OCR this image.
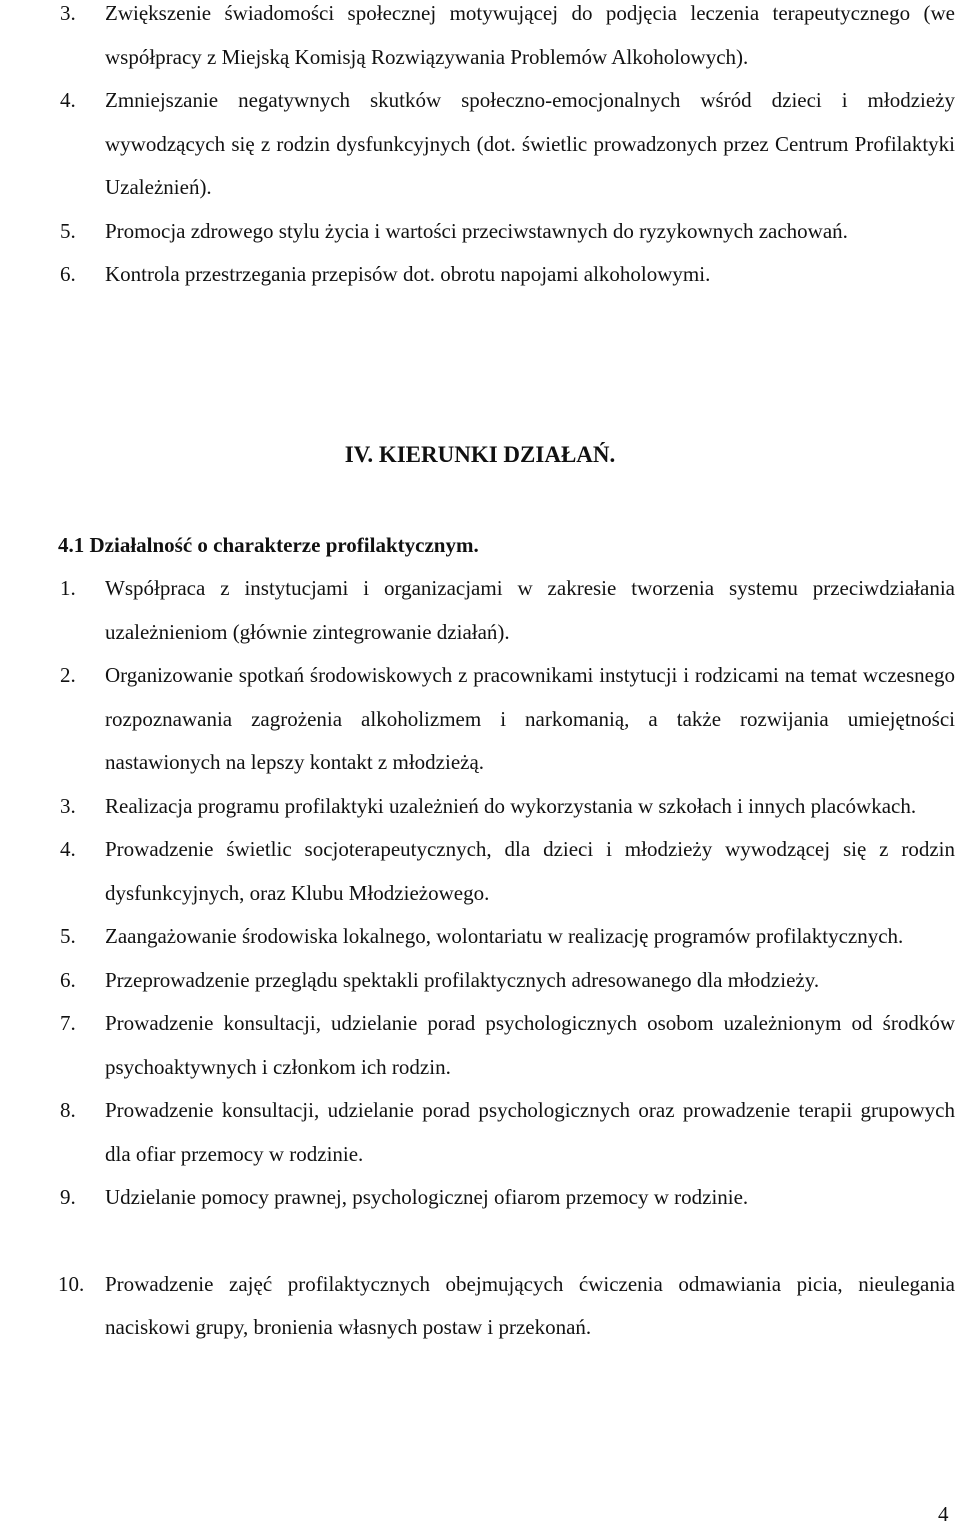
3.	Zwiększenie świadomości społecznej motywującej do podjęcia leczenia terapeutycznego (we współpracy z Miejską Komisją Rozwiązywania Problemów Alkoholowych).
4.	Zmniejszanie negatywnych skutków społeczno-emocjonalnych wśród dzieci i młodzieży wywodzących się z rodzin dysfunkcyjnych (dot. świetlic prowadzonych przez Centrum Profilaktyki Uzależnień).
5.	Promocja zdrowego stylu życia i wartości przeciwstawnych do ryzykownych zachowań.
6.	Kontrola przestrzegania przepisów dot. obrotu napojami alkoholowymi.
IV. KIERUNKI DZIAŁAŃ.
4.1 Działalność o charakterze profilaktycznym.
1.	Współpraca z instytucjami i organizacjami w zakresie tworzenia systemu przeciwdziałania uzależnieniom (głównie zintegrowanie działań).
2.	Organizowanie spotkań środowiskowych z pracownikami instytucji i rodzicami na temat wczesnego rozpoznawania zagrożenia alkoholizmem i narkomanią, a także rozwijania umiejętności nastawionych na lepszy kontakt z młodzieżą.
3.	Realizacja programu profilaktyki uzależnień do wykorzystania w szkołach i innych placówkach.
4.	Prowadzenie świetlic socjoterapeutycznych, dla dzieci i młodzieży wywodzącej się z rodzin dysfunkcyjnych, oraz Klubu Młodzieżowego.
5.	Zaangażowanie środowiska lokalnego, wolontariatu w realizację programów profilaktycznych.
6.	Przeprowadzenie przeglądu spektakli profilaktycznych adresowanego dla młodzieży.
7.	Prowadzenie konsultacji, udzielanie porad psychologicznych osobom uzależnionym od środków psychoaktywnych i członkom ich rodzin.
8.	Prowadzenie konsultacji, udzielanie porad psychologicznych oraz prowadzenie terapii grupowych dla ofiar przemocy w rodzinie.
9.	Udzielanie pomocy prawnej, psychologicznej ofiarom przemocy w rodzinie.
10. Prowadzenie zajęć profilaktycznych obejmujących ćwiczenia odmawiania picia, nieulegania naciskowi grupy, bronienia własnych postaw i przekonań.
4
